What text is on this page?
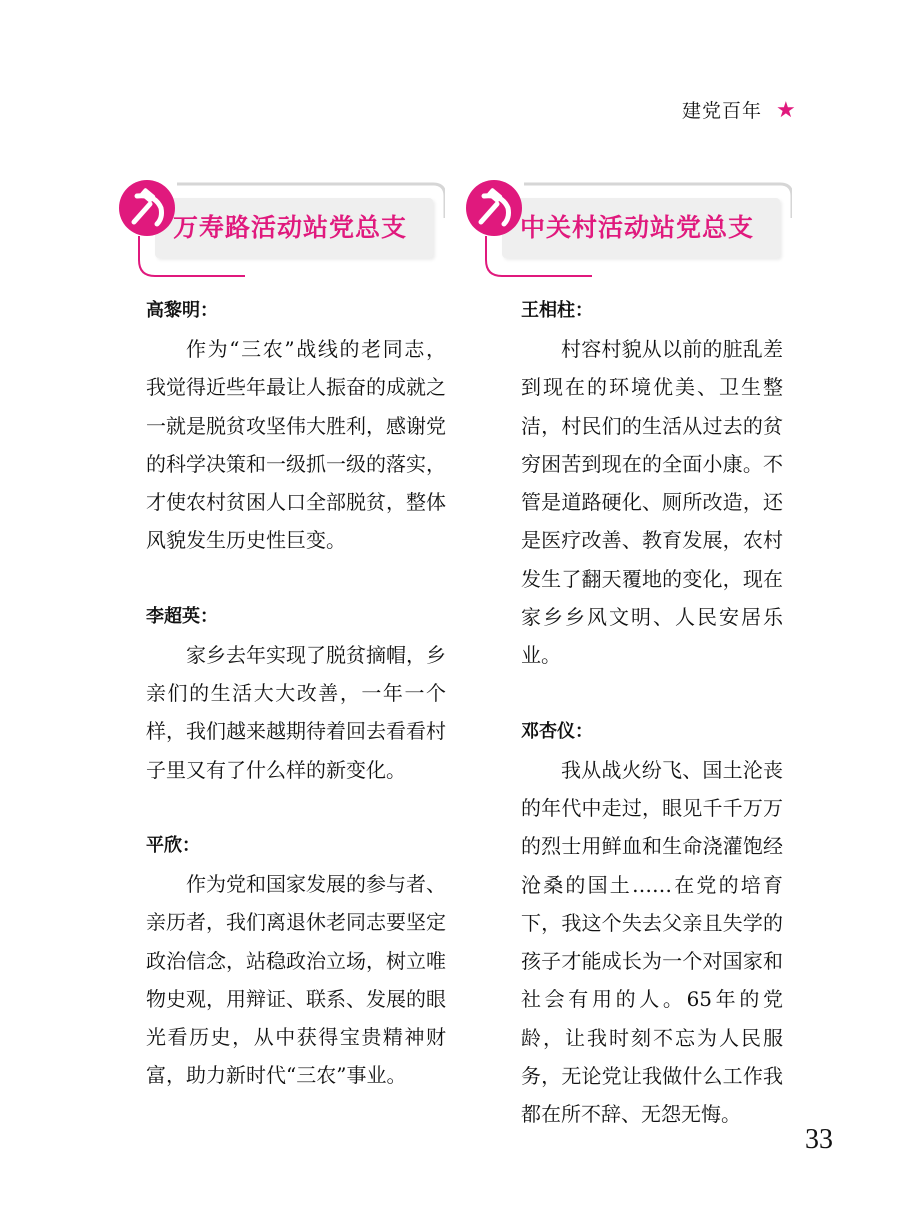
建党百年 ★
万寿路活动站党总支	中关村活动站党总支
高黎明：

作为“三农”战线的老同志，我觉得近些年最让人振奋的成就之一就是脱贫攻坚伟大胜利，感谢党的科学决策和一级抓一级的落实，才使农村贫困人口全部脱贫，整体风貌发生历史性巨变。

李超英：

家乡去年实现了脱贫摘帽，乡亲们的生活大大改善，一年一个样，我们越来越期待着回去看看村子里又有了什么样的新变化。

平欣：

作为党和国家发展的参与者、亲历者，我们离退休老同志要坚定政治信念，站稳政治立场，树立唯物史观，用辩证、联系、发展的眼光看历史，从中获得宝贵精神财富，助力新时代“三农”事业。

王相柱：

村容村貌从以前的脏乱差到现在的环境优美、卫生整洁，村民们的生活从过去的贫穷困苦到现在的全面小康。不管是道路硬化、厕所改造，还是医疗改善、教育发展，农村发生了翻天覆地的变化，现在家乡乡风文明、人民安居乐业。

邓杏仪：

我从战火纷飞、国土沦丧的年代中走过，眼见千千万万的烈士用鲜血和生命浇灌饱经沧桑的国土……在党的培育下，我这个失去父亲且失学的孩子才能成长为一个对国家和社会有用的人。65年的党龄，让我时刻不忘为人民服务，无论党让我做什么工作我都在所不辞、无怨无悔。

33
